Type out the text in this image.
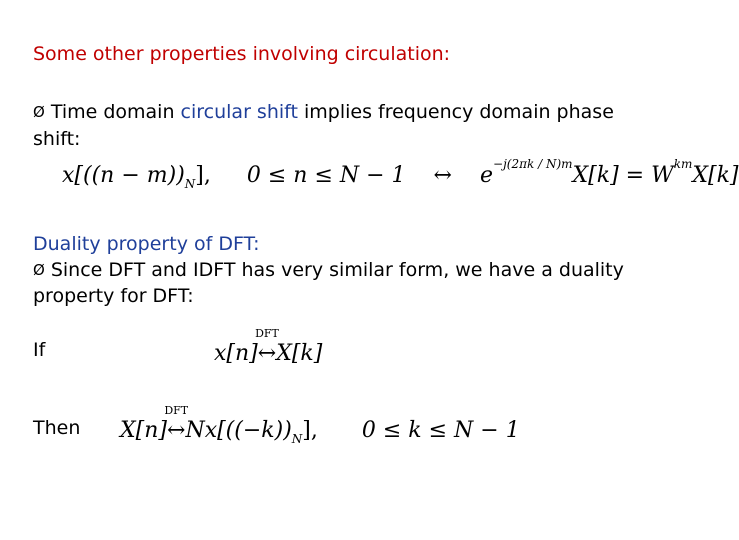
Some other properties involving circulation:
Ø Time domain circular shift implies frequency domain phase
shift:
$x[((n - m))_N]$, 0 ≤ n ≤ N − 1 ↔ $e^{-j(2\pi k / N)m}X[k] = W^{km}X[k]$
Duality property of DFT:
Ø Since DFT and IDFT has very similar form, we have a duality
property for DFT:
If	x[n]
DFT
↔X[k]
Then X[n]
DFT
$\leftrightarrow Nx[((-k))_N]$, 0 ≤ k ≤ N − 1
